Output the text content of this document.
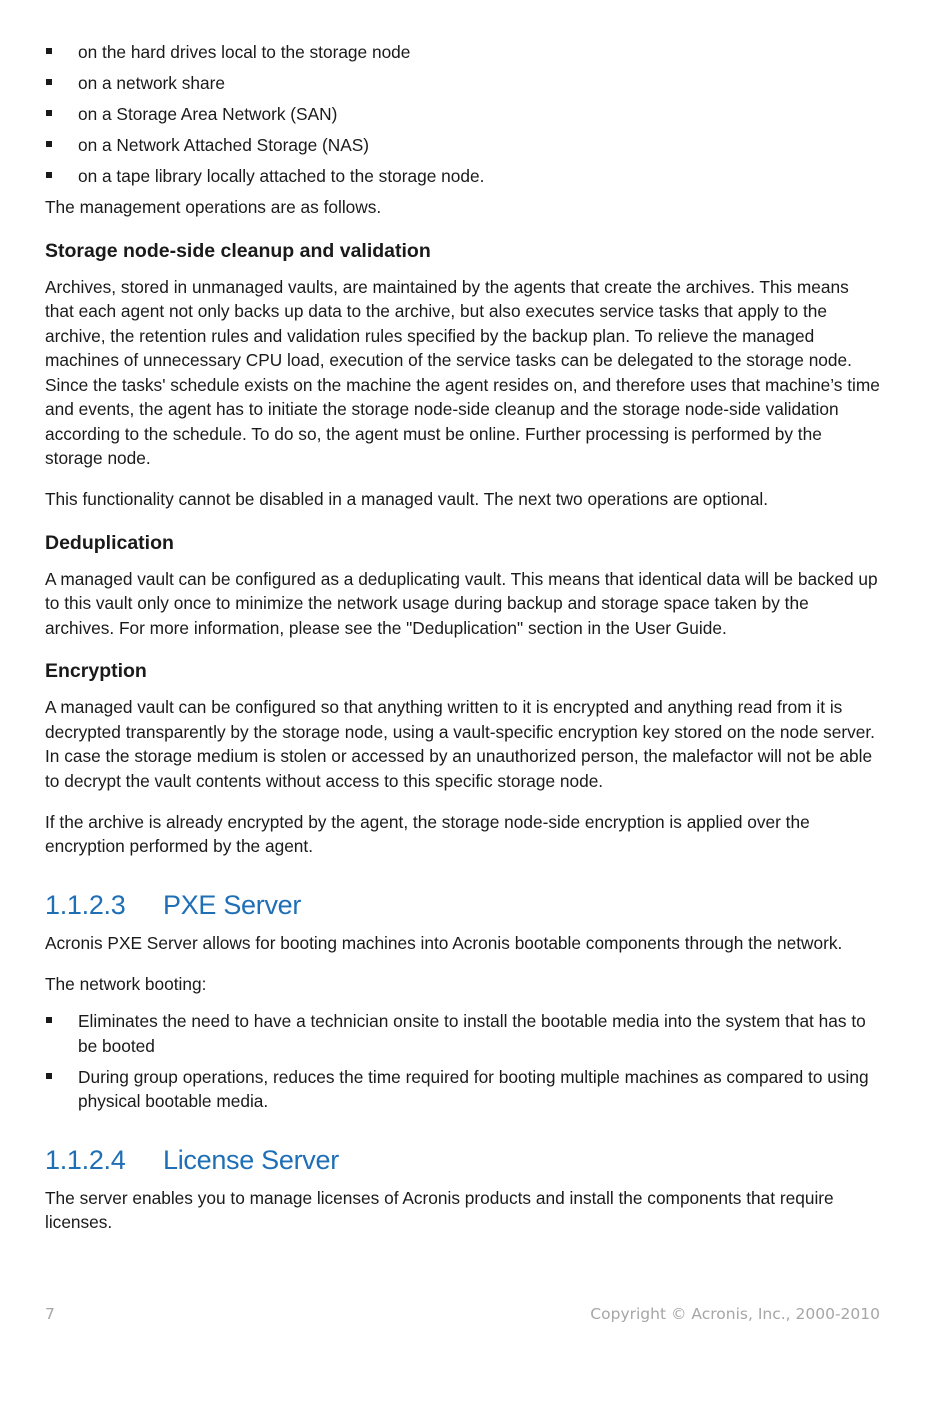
on the hard drives local to the storage node
on a network share
on a Storage Area Network (SAN)
on a Network Attached Storage (NAS)
on a tape library locally attached to the storage node.

The management operations are as follows.

Storage node-side cleanup and validation

Archives, stored in unmanaged vaults, are maintained by the agents that create the archives. This means that each agent not only backs up data to the archive, but also executes service tasks that apply to the archive, the retention rules and validation rules specified by the backup plan. To relieve the managed machines of unnecessary CPU load, execution of the service tasks can be delegated to the storage node. Since the tasks' schedule exists on the machine the agent resides on, and therefore uses that machine’s time and events, the agent has to initiate the storage node-side cleanup and the storage node-side validation according to the schedule. To do so, the agent must be online. Further processing is performed by the storage node.

This functionality cannot be disabled in a managed vault. The next two operations are optional.

Deduplication

A managed vault can be configured as a deduplicating vault. This means that identical data will be backed up to this vault only once to minimize the network usage during backup and storage space taken by the archives. For more information, please see the "Deduplication" section in the User Guide.

Encryption

A managed vault can be configured so that anything written to it is encrypted and anything read from it is decrypted transparently by the storage node, using a vault-specific encryption key stored on the node server. In case the storage medium is stolen or accessed by an unauthorized person, the malefactor will not be able to decrypt the vault contents without access to this specific storage node.

If the archive is already encrypted by the agent, the storage node-side encryption is applied over the encryption performed by the agent.

1.1.2.3 PXE Server

Acronis PXE Server allows for booting machines into Acronis bootable components through the network.

The network booting:

Eliminates the need to have a technician onsite to install the bootable media into the system that has to be booted
During group operations, reduces the time required for booting multiple machines as compared to using physical bootable media.
1.1.2.4 License Server

The server enables you to manage licenses of Acronis products and install the components that require licenses.

7	Copyright © Acronis, Inc., 2000-2010
